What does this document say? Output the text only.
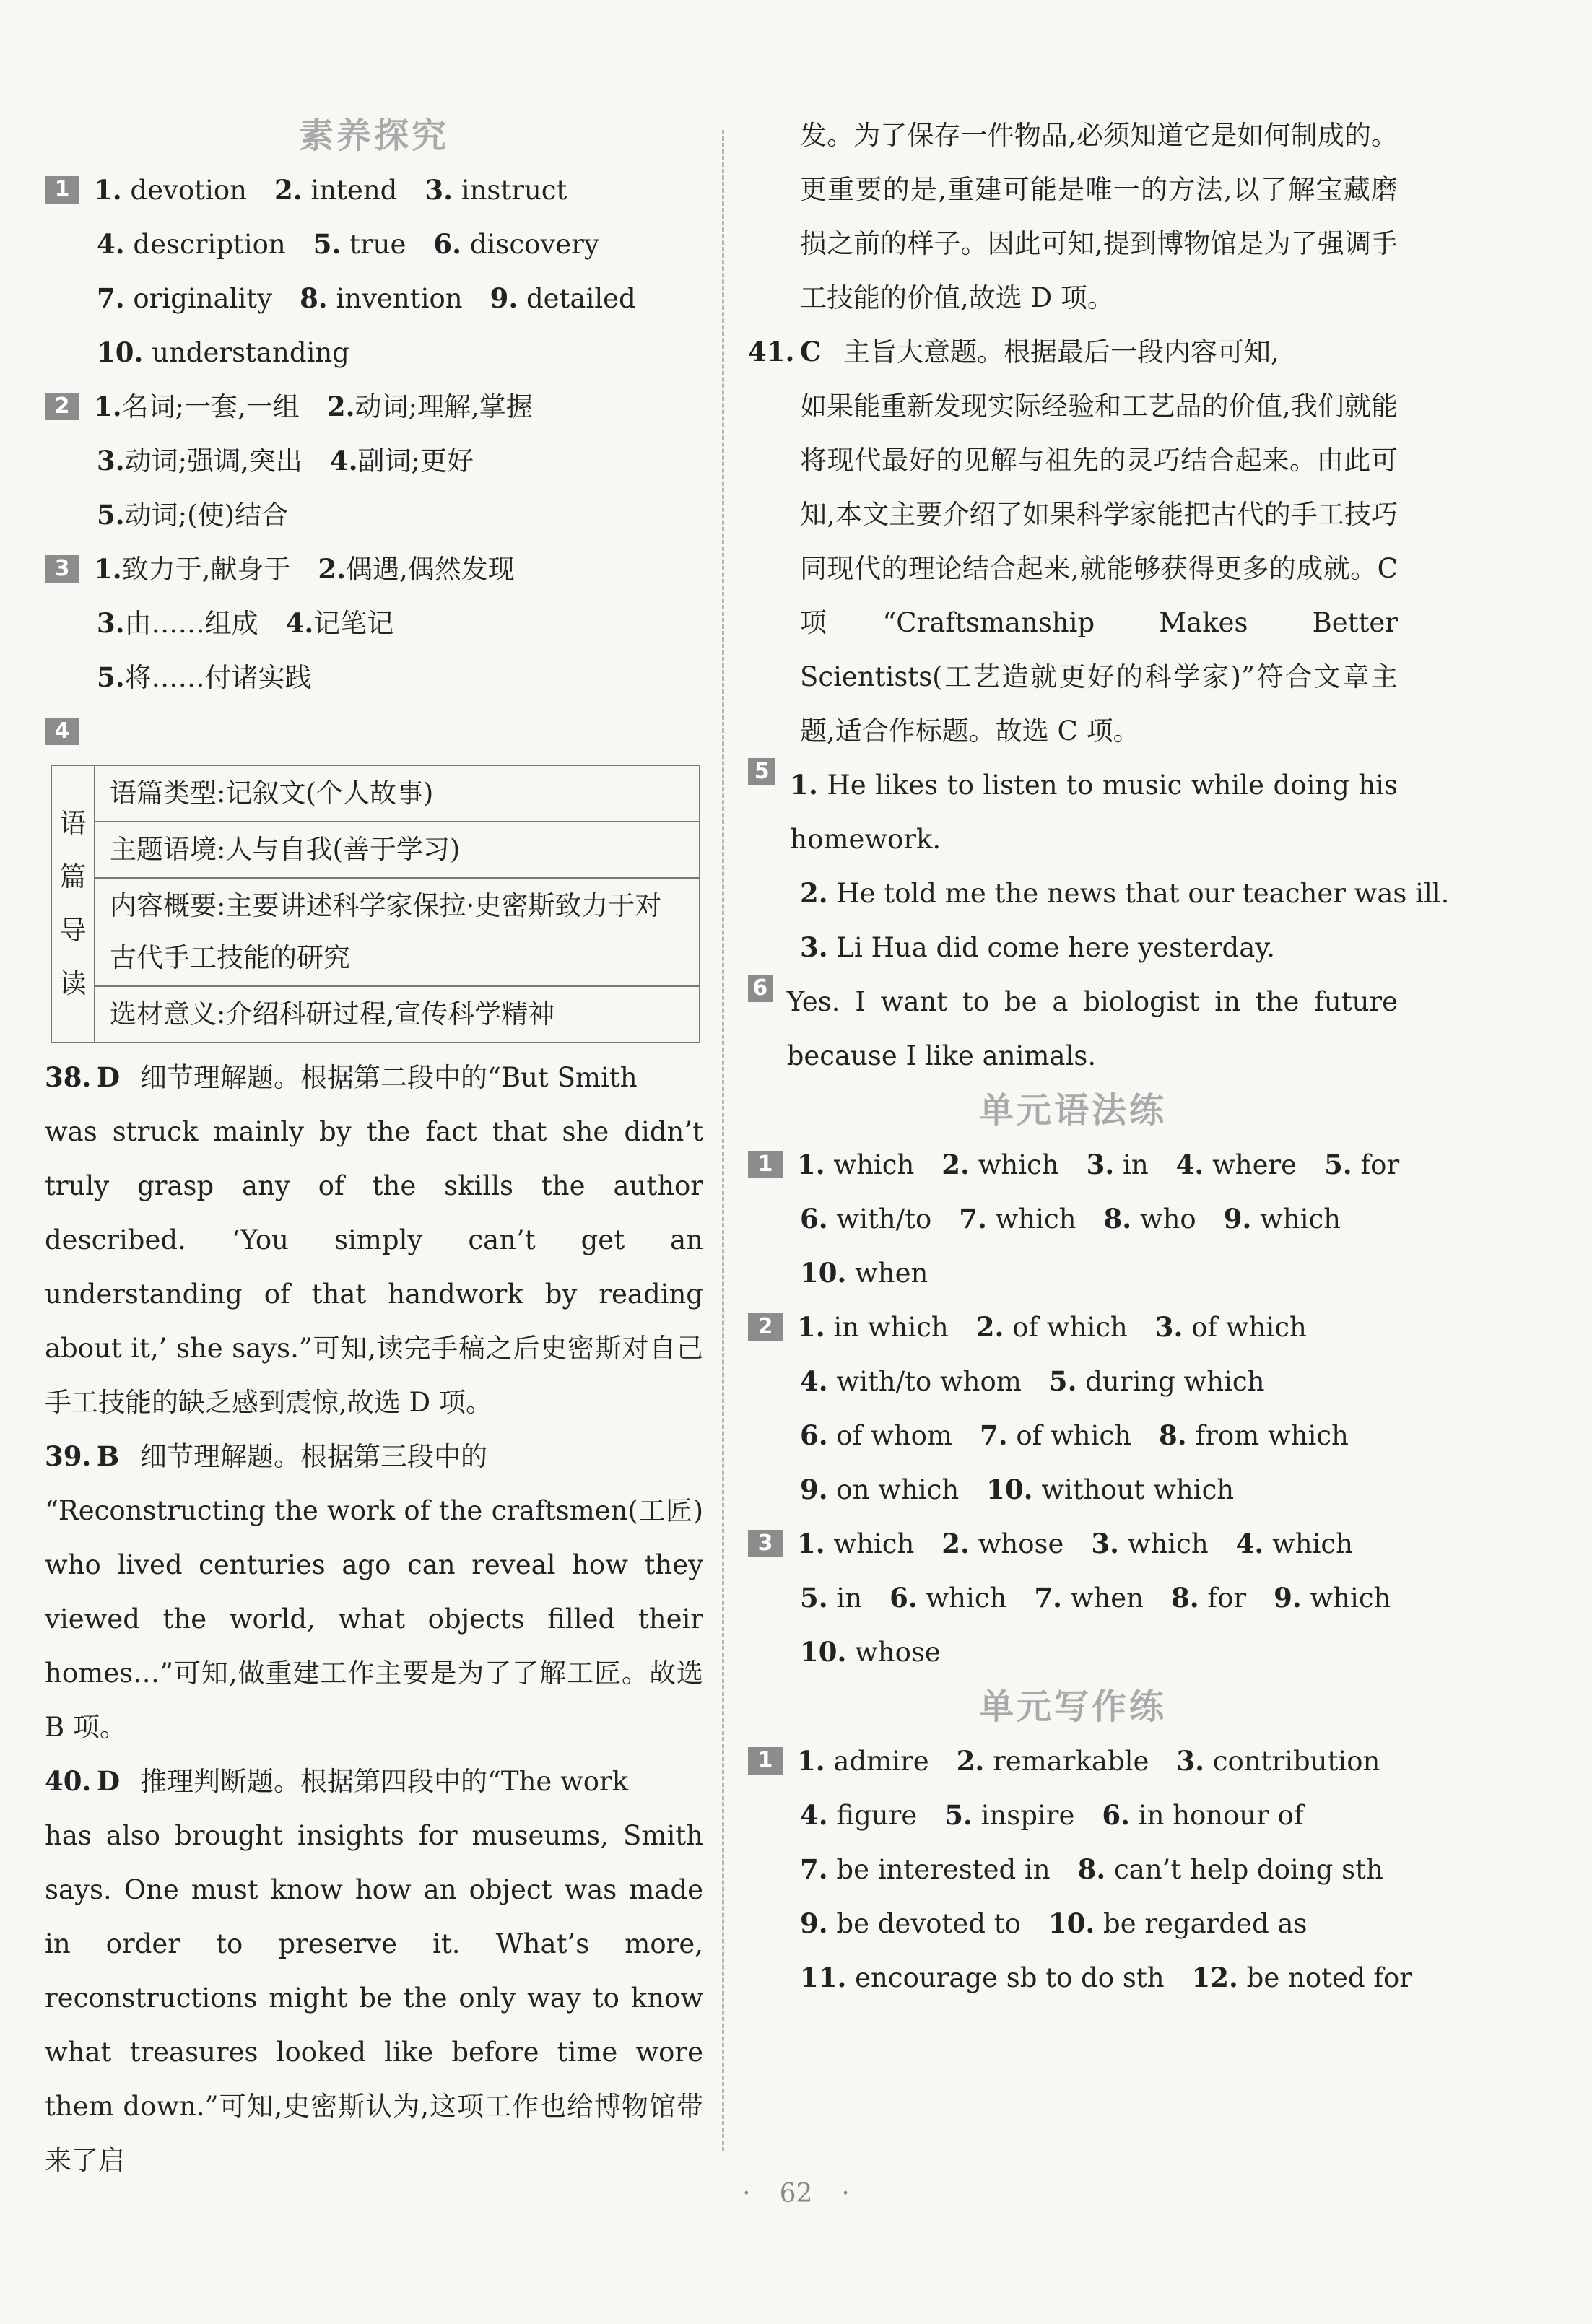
素养探究
1 1. devotion 2. intend 3. instruct
4. description 5. true 6. discovery
7. originality 8. invention 9. detailed
10. understanding
2 1.名词;一套,一组 2.动词;理解,掌握
3.动词;强调,突出 4.副词;更好
5.动词;(使)结合
3 1.致力于,献身于 2.偶遇,偶然发现
3.由……组成 4.记笔记
5.将……付诸实践
4
语
篇
导
读
语篇类型:记叙文(个人故事)
主题语境:人与自我(善于学习)
内容概要:主要讲述科学家保拉·史密斯致力于对古代手工技能的研究
选材意义:介绍科研过程,宣传科学精神
38. D 细节理解题。根据第二段中的“But Smith
was struck mainly by the fact that she didn’t truly grasp any of the skills the author described. ‘You simply can’t get an understanding of that handwork by reading about it,’ she says.”可知,读完手稿之后史密斯对自己手工技能的缺乏感到震惊,故选 D 项。
39. B 细节理解题。根据第三段中的
“Reconstructing the work of the craftsmen(工匠) who lived centuries ago can reveal how they viewed the world, what objects filled their homes…”可知,做重建工作主要是为了了解工匠。故选 B 项。
40. D 推理判断题。根据第四段中的“The work
has also brought insights for museums, Smith says. One must know how an object was made in order to preserve it. What’s more, reconstructions might be the only way to know what treasures looked like before time wore them down.”可知,史密斯认为,这项工作也给博物馆带来了启
发。为了保存一件物品,必须知道它是如何制成的。更重要的是,重建可能是唯一的方法,以了解宝藏磨损之前的样子。因此可知,提到博物馆是为了强调手工技能的价值,故选 D 项。
41. C 主旨大意题。根据最后一段内容可知,
如果能重新发现实际经验和工艺品的价值,我们就能将现代最好的见解与祖先的灵巧结合起来。由此可知,本文主要介绍了如果科学家能把古代的手工技巧同现代的理论结合起来,就能够获得更多的成就。C 项“Craftsmanship Makes Better Scientists(工艺造就更好的科学家)”符合文章主题,适合作标题。故选 C 项。
5 1. He likes to listen to music while doing his homework.
2. He told me the news that our teacher was ill.
3. Li Hua did come here yesterday.
6 Yes. I want to be a biologist in the future because I like animals.
单元语法练
1 1. which 2. which 3. in 4. where 5. for
6. with/to 7. which 8. who 9. which
10. when
2 1. in which 2. of which 3. of which
4. with/to whom 5. during which
6. of whom 7. of which 8. from which
9. on which 10. without which
3 1. which 2. whose 3. which 4. which
5. in 6. which 7. when 8. for 9. which
10. whose
单元写作练
1 1. admire 2. remarkable 3. contribution
4. figure 5. inspire 6. in honour of
7. be interested in 8. can’t help doing sth
9. be devoted to 10. be regarded as
11. encourage sb to do sth 12. be noted for
· 62 ·
